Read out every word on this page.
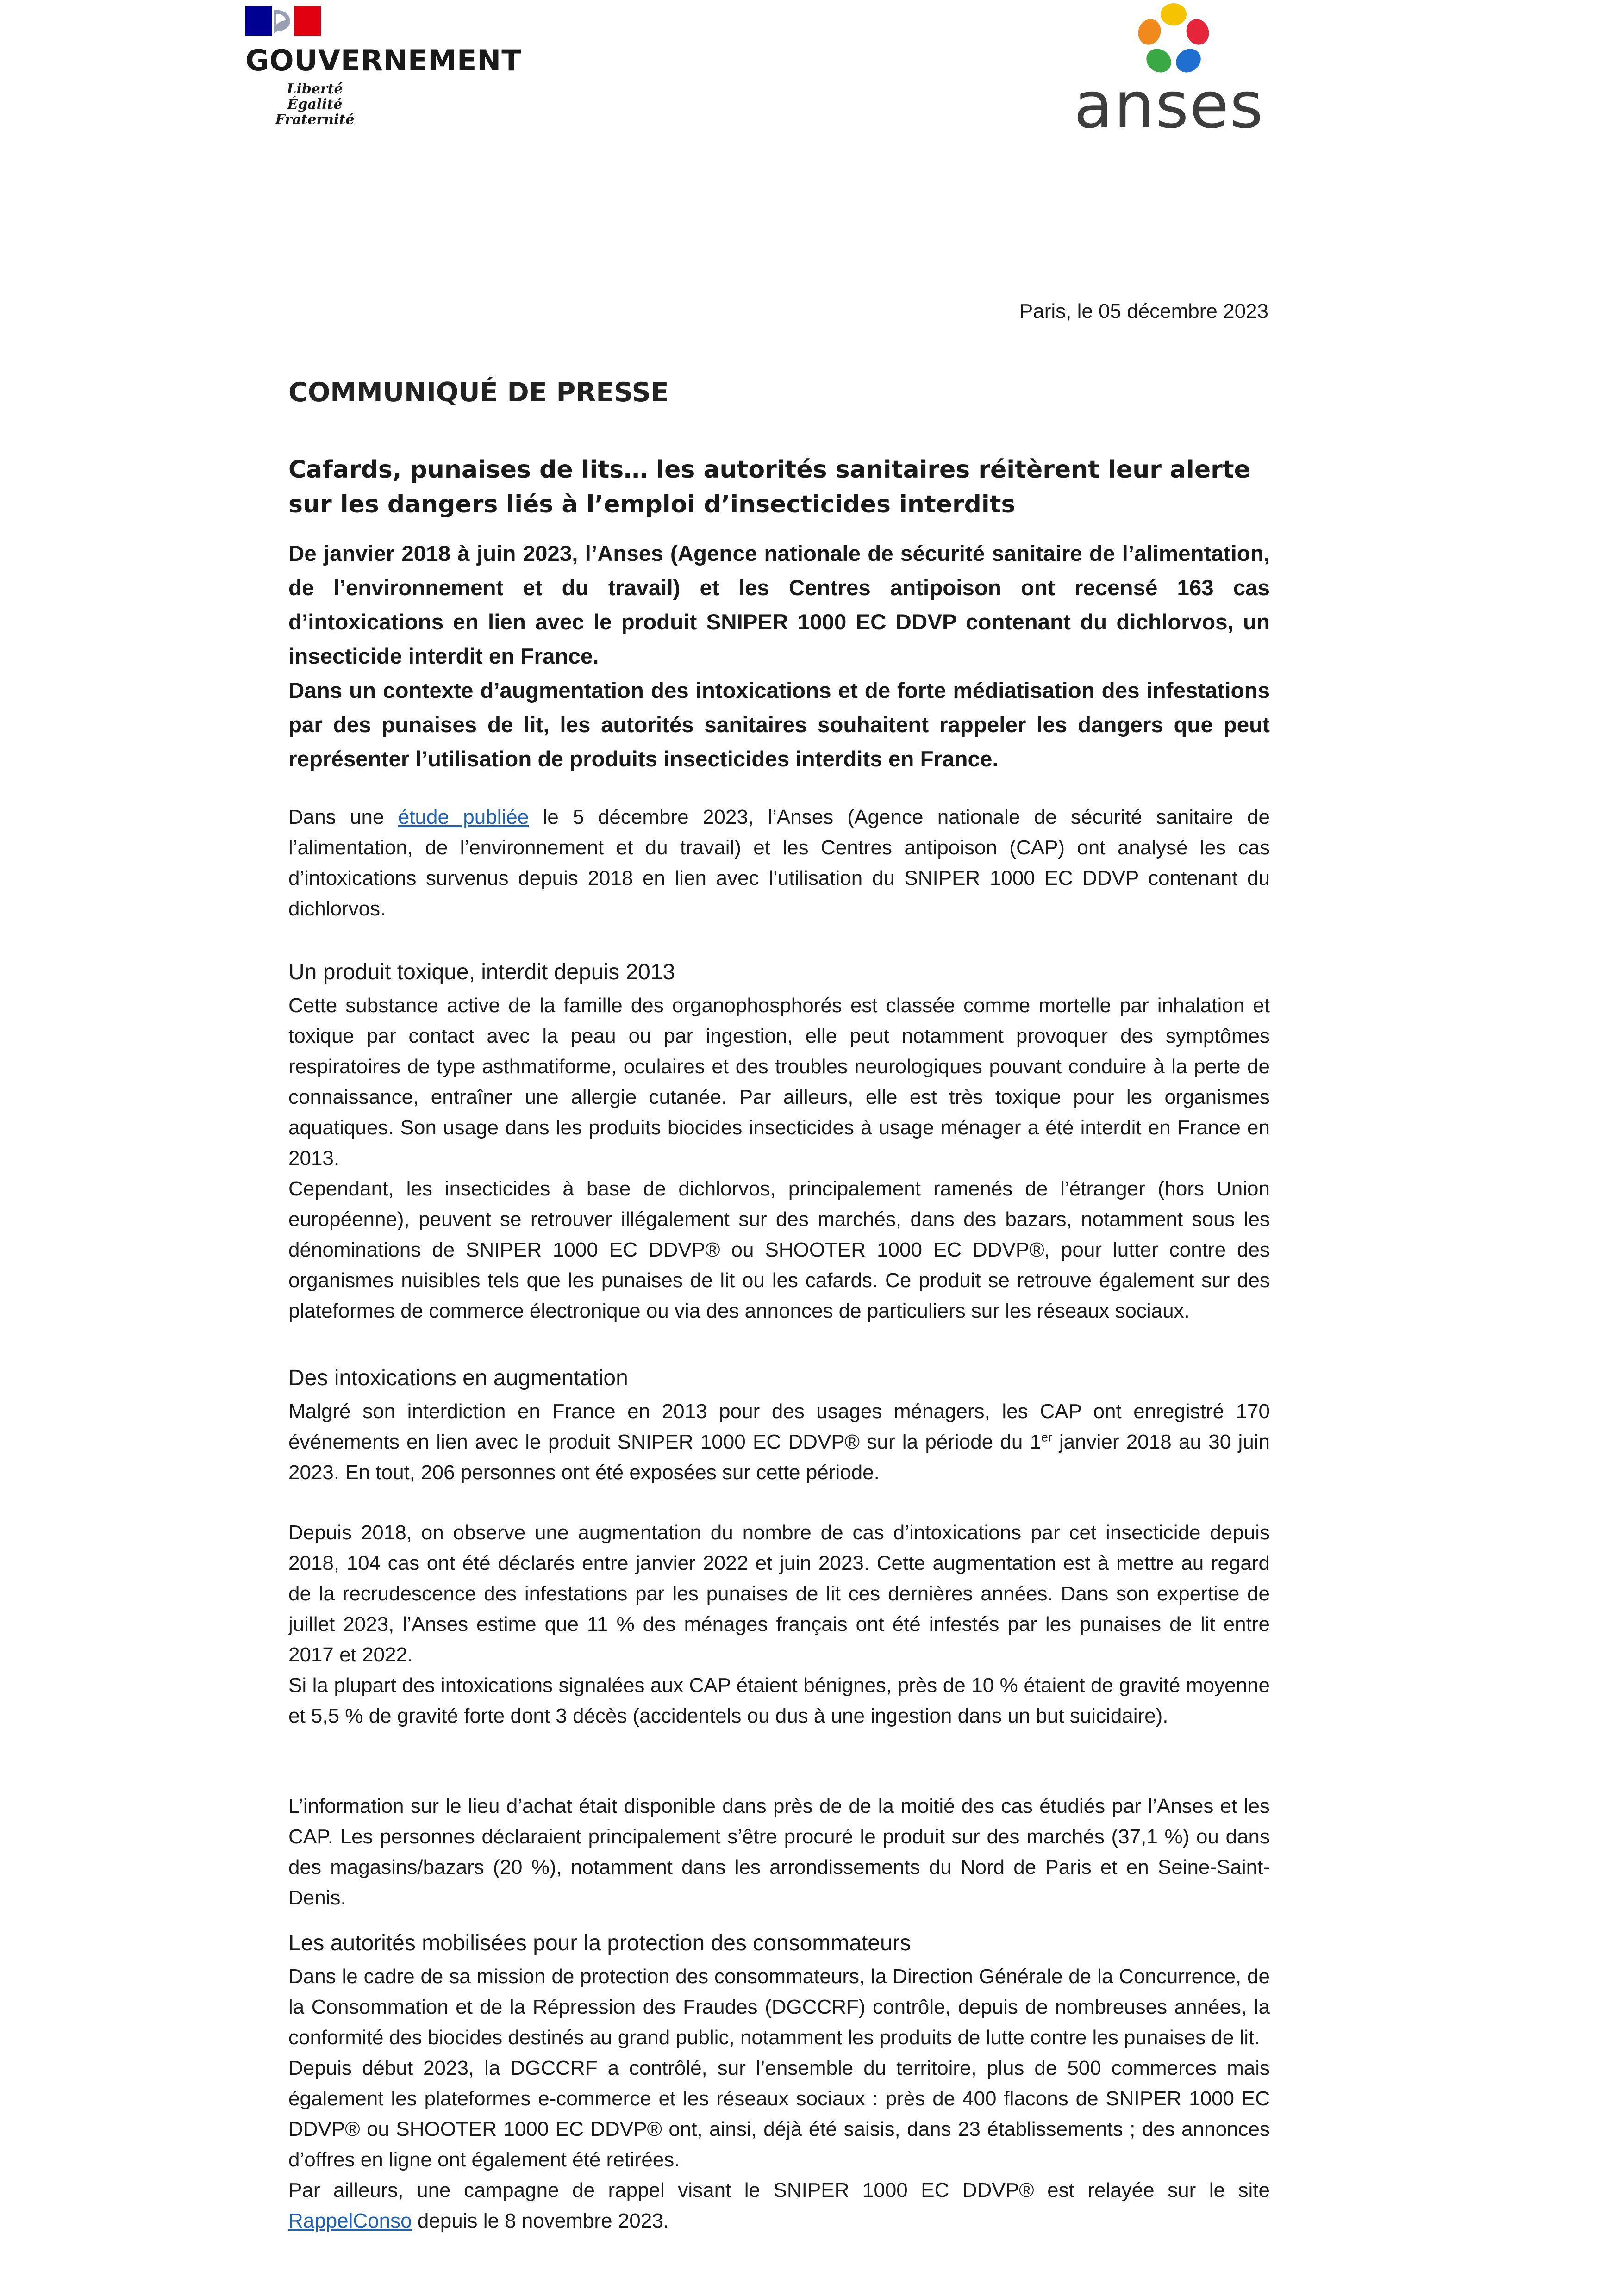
GOUVERNEMENT
Liberté
Égalité
Fraternité	anses
Paris, le 05 décembre 2023
COMMUNIQUÉ DE PRESSE
Cafards, punaises de lits… les autorités sanitaires réitèrent leur alerte sur les dangers liés à l’emploi d’insecticides interdits

De janvier 2018 à juin 2023, l’Anses (Agence nationale de sécurité sanitaire de l’alimentation, de l’environnement et du travail) et les Centres antipoison ont recensé 163 cas d’intoxications en lien avec le produit SNIPER 1000 EC DDVP contenant du dichlorvos, un insecticide interdit en France.

Dans un contexte d’augmentation des intoxications et de forte médiatisation des infestations par des punaises de lit, les autorités sanitaires souhaitent rappeler les dangers que peut représenter l’utilisation de produits insecticides interdits en France.

Dans une étude publiée le 5 décembre 2023, l’Anses (Agence nationale de sécurité sanitaire de l’alimentation, de l’environnement et du travail) et les Centres antipoison (CAP) ont analysé les cas d’intoxications survenus depuis 2018 en lien avec l’utilisation du SNIPER 1000 EC DDVP contenant du dichlorvos.

Un produit toxique, interdit depuis 2013

Cette substance active de la famille des organophosphorés est classée comme mortelle par inhalation et toxique par contact avec la peau ou par ingestion, elle peut notamment provoquer des symptômes respiratoires de type asthmatiforme, oculaires et des troubles neurologiques pouvant conduire à la perte de connaissance, entraîner une allergie cutanée. Par ailleurs, elle est très toxique pour les organismes aquatiques. Son usage dans les produits biocides insecticides à usage ménager a été interdit en France en 2013.

Cependant, les insecticides à base de dichlorvos, principalement ramenés de l’étranger (hors Union européenne), peuvent se retrouver illégalement sur des marchés, dans des bazars, notamment sous les dénominations de SNIPER 1000 EC DDVP® ou SHOOTER 1000 EC DDVP®, pour lutter contre des organismes nuisibles tels que les punaises de lit ou les cafards. Ce produit se retrouve également sur des plateformes de commerce électronique ou via des annonces de particuliers sur les réseaux sociaux.

Des intoxications en augmentation

Malgré son interdiction en France en 2013 pour des usages ménagers, les CAP ont enregistré 170 événements en lien avec le produit SNIPER 1000 EC DDVP® sur la période du 1er janvier 2018 au 30 juin 2023. En tout, 206 personnes ont été exposées sur cette période.

Depuis 2018, on observe une augmentation du nombre de cas d’intoxications par cet insecticide depuis 2018, 104 cas ont été déclarés entre janvier 2022 et juin 2023. Cette augmentation est à mettre au regard de la recrudescence des infestations par les punaises de lit ces dernières années. Dans son expertise de juillet 2023, l’Anses estime que 11 % des ménages français ont été infestés par les punaises de lit entre 2017 et 2022.

Si la plupart des intoxications signalées aux CAP étaient bénignes, près de 10 % étaient de gravité moyenne et 5,5 % de gravité forte dont 3 décès (accidentels ou dus à une ingestion dans un but suicidaire).

L’information sur le lieu d’achat était disponible dans près de de la moitié des cas étudiés par l’Anses et les CAP. Les personnes déclaraient principalement s’être procuré le produit sur des marchés (37,1 %) ou dans des magasins/bazars (20 %), notamment dans les arrondissements du Nord de Paris et en Seine-Saint-Denis.

Les autorités mobilisées pour la protection des consommateurs

Dans le cadre de sa mission de protection des consommateurs, la Direction Générale de la Concurrence, de la Consommation et de la Répression des Fraudes (DGCCRF) contrôle, depuis de nombreuses années, la conformité des biocides destinés au grand public, notamment les produits de lutte contre les punaises de lit.

Depuis début 2023, la DGCCRF a contrôlé, sur l’ensemble du territoire, plus de 500 commerces mais également les plateformes e-commerce et les réseaux sociaux : près de 400 flacons de SNIPER 1000 EC DDVP® ou SHOOTER 1000 EC DDVP® ont, ainsi, déjà été saisis, dans 23 établissements ; des annonces d’offres en ligne ont également été retirées.

Par ailleurs, une campagne de rappel visant le SNIPER 1000 EC DDVP® est relayée sur le site RappelConso depuis le 8 novembre 2023.
